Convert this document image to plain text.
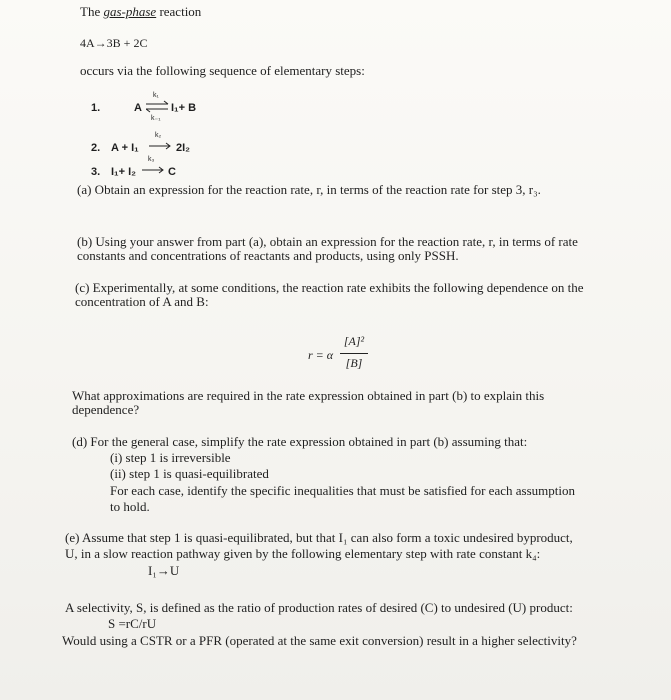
The gas-phase reaction
4A→3B + 2C
occurs via the following sequence of elementary steps:
1.	A ⇌
k₁
k₋₁
I₁+ B
2. A + I₁
k₂
2I₂
3. I₁+ I₂
k₃
C
(a) Obtain an expression for the reaction rate, r, in terms of the reaction rate for step 3, r₃.
(b) Using your answer from part (a), obtain an expression for the reaction rate, r, in terms of rate
constants and concentrations of reactants and products, using only PSSH.
(c) Experimentally, at some conditions, the reaction rate exhibits the following dependence on the
concentration of A and B:
r = α
[A]²
[B]
What approximations are required in the rate expression obtained in part (b) to explain this
dependence?
(d) For the general case, simplify the rate expression obtained in part (b) assuming that:
(i) step 1 is irreversible
(ii) step 1 is quasi-equilibrated
For each case, identify the specific inequalities that must be satisfied for each assumption
to hold.
(e) Assume that step 1 is quasi-equilibrated, but that I₁ can also form a toxic undesired byproduct,
U, in a slow reaction pathway given by the following elementary step with rate constant k₄:
I₁→U
A selectivity, S, is defined as the ratio of production rates of desired (C) to undesired (U) product:
S =rC/rU
Would using a CSTR or a PFR (operated at the same exit conversion) result in a higher selectivity?
